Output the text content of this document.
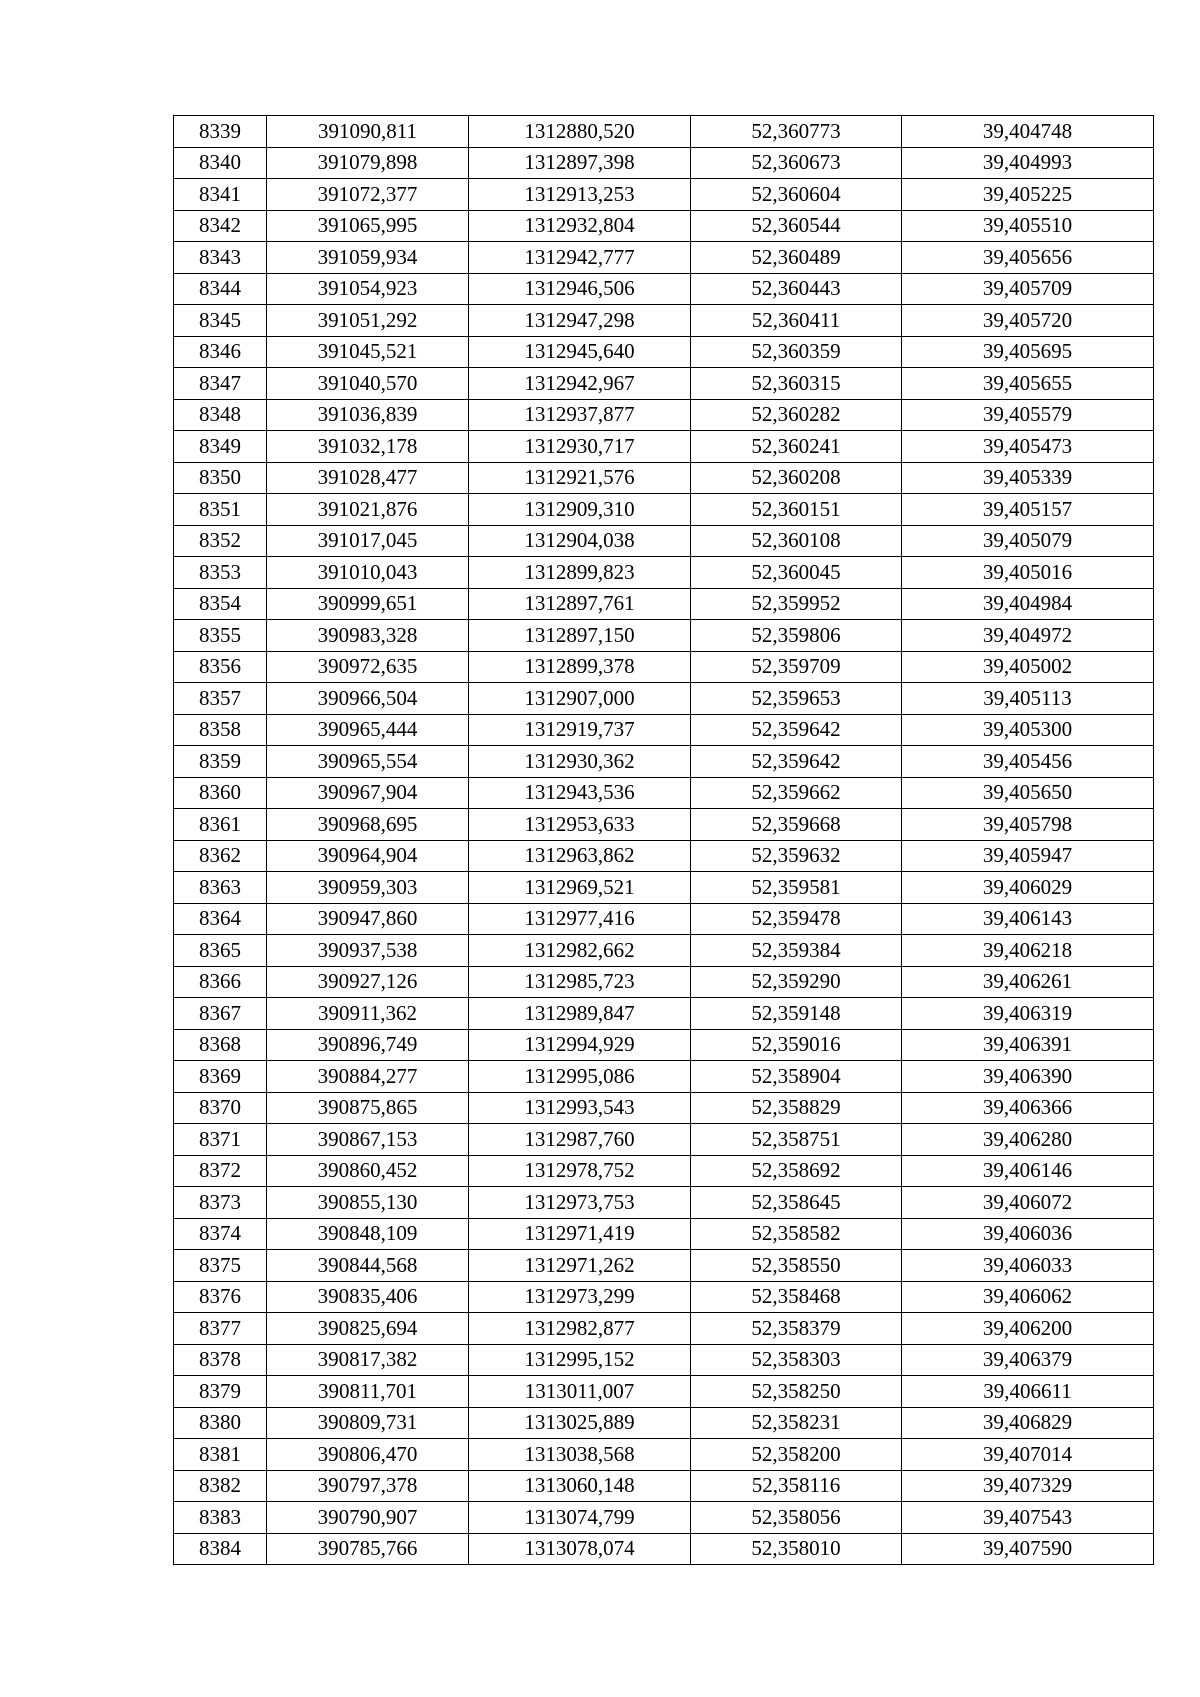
8339	391090,811	1312880,520	52,360773	39,404748
8340	391079,898	1312897,398	52,360673	39,404993
8341	391072,377	1312913,253	52,360604	39,405225
8342	391065,995	1312932,804	52,360544	39,405510
8343	391059,934	1312942,777	52,360489	39,405656
8344	391054,923	1312946,506	52,360443	39,405709
8345	391051,292	1312947,298	52,360411	39,405720
8346	391045,521	1312945,640	52,360359	39,405695
8347	391040,570	1312942,967	52,360315	39,405655
8348	391036,839	1312937,877	52,360282	39,405579
8349	391032,178	1312930,717	52,360241	39,405473
8350	391028,477	1312921,576	52,360208	39,405339
8351	391021,876	1312909,310	52,360151	39,405157
8352	391017,045	1312904,038	52,360108	39,405079
8353	391010,043	1312899,823	52,360045	39,405016
8354	390999,651	1312897,761	52,359952	39,404984
8355	390983,328	1312897,150	52,359806	39,404972
8356	390972,635	1312899,378	52,359709	39,405002
8357	390966,504	1312907,000	52,359653	39,405113
8358	390965,444	1312919,737	52,359642	39,405300
8359	390965,554	1312930,362	52,359642	39,405456
8360	390967,904	1312943,536	52,359662	39,405650
8361	390968,695	1312953,633	52,359668	39,405798
8362	390964,904	1312963,862	52,359632	39,405947
8363	390959,303	1312969,521	52,359581	39,406029
8364	390947,860	1312977,416	52,359478	39,406143
8365	390937,538	1312982,662	52,359384	39,406218
8366	390927,126	1312985,723	52,359290	39,406261
8367	390911,362	1312989,847	52,359148	39,406319
8368	390896,749	1312994,929	52,359016	39,406391
8369	390884,277	1312995,086	52,358904	39,406390
8370	390875,865	1312993,543	52,358829	39,406366
8371	390867,153	1312987,760	52,358751	39,406280
8372	390860,452	1312978,752	52,358692	39,406146
8373	390855,130	1312973,753	52,358645	39,406072
8374	390848,109	1312971,419	52,358582	39,406036
8375	390844,568	1312971,262	52,358550	39,406033
8376	390835,406	1312973,299	52,358468	39,406062
8377	390825,694	1312982,877	52,358379	39,406200
8378	390817,382	1312995,152	52,358303	39,406379
8379	390811,701	1313011,007	52,358250	39,406611
8380	390809,731	1313025,889	52,358231	39,406829
8381	390806,470	1313038,568	52,358200	39,407014
8382	390797,378	1313060,148	52,358116	39,407329
8383	390790,907	1313074,799	52,358056	39,407543
8384	390785,766	1313078,074	52,358010	39,407590
